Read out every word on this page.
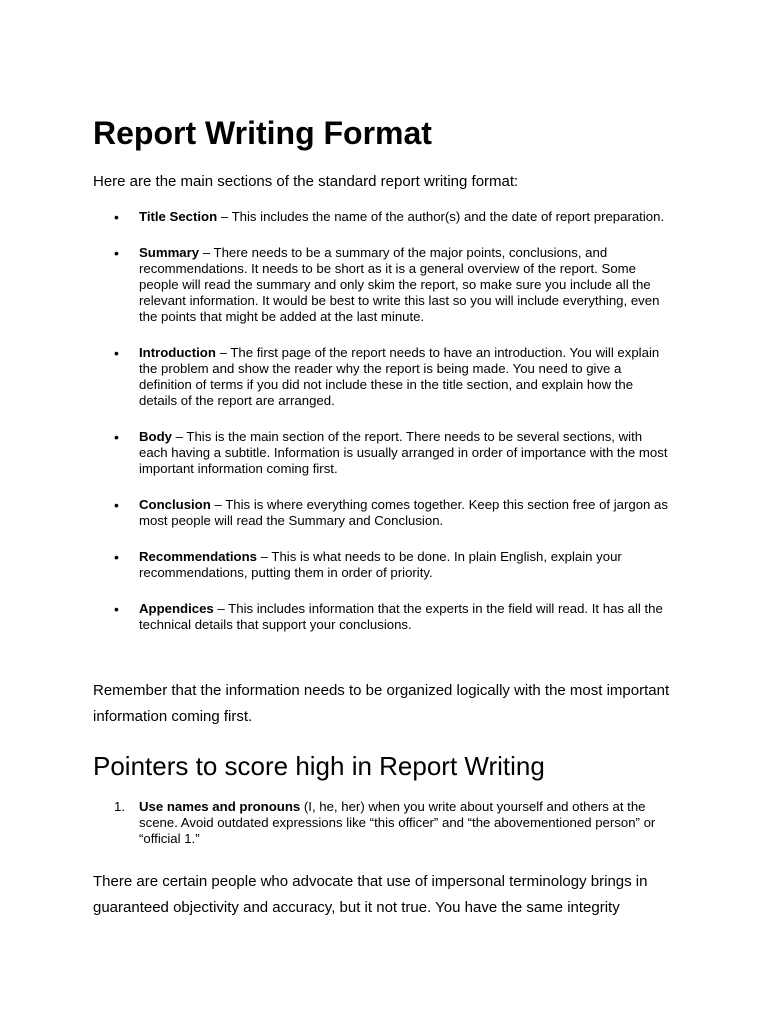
Report Writing Format

Here are the main sections of the standard report writing format:

• Title Section – This includes the name of the author(s) and the date of report preparation.
• Summary – There needs to be a summary of the major points, conclusions, and recommendations. It needs to be short as it is a general overview of the report. Some people will read the summary and only skim the report, so make sure you include all the relevant information. It would be best to write this last so you will include everything, even the points that might be added at the last minute.
• Introduction – The first page of the report needs to have an introduction. You will explain the problem and show the reader why the report is being made. You need to give a definition of terms if you did not include these in the title section, and explain how the details of the report are arranged.
• Body – This is the main section of the report. There needs to be several sections, with each having a subtitle. Information is usually arranged in order of importance with the most important information coming first.
• Conclusion – This is where everything comes together. Keep this section free of jargon as most people will read the Summary and Conclusion.
• Recommendations – This is what needs to be done. In plain English, explain your recommendations, putting them in order of priority.
• Appendices – This includes information that the experts in the field will read. It has all the technical details that support your conclusions.

Remember that the information needs to be organized logically with the most important information coming first.

Pointers to score high in Report Writing
1. Use names and pronouns (I, he, her) when you write about yourself and others at the scene. Avoid outdated expressions like “this officer” and “the abovementioned person” or “official 1.”

There are certain people who advocate that use of impersonal terminology brings in guaranteed objectivity and accuracy, but it not true. You have the same integrity
